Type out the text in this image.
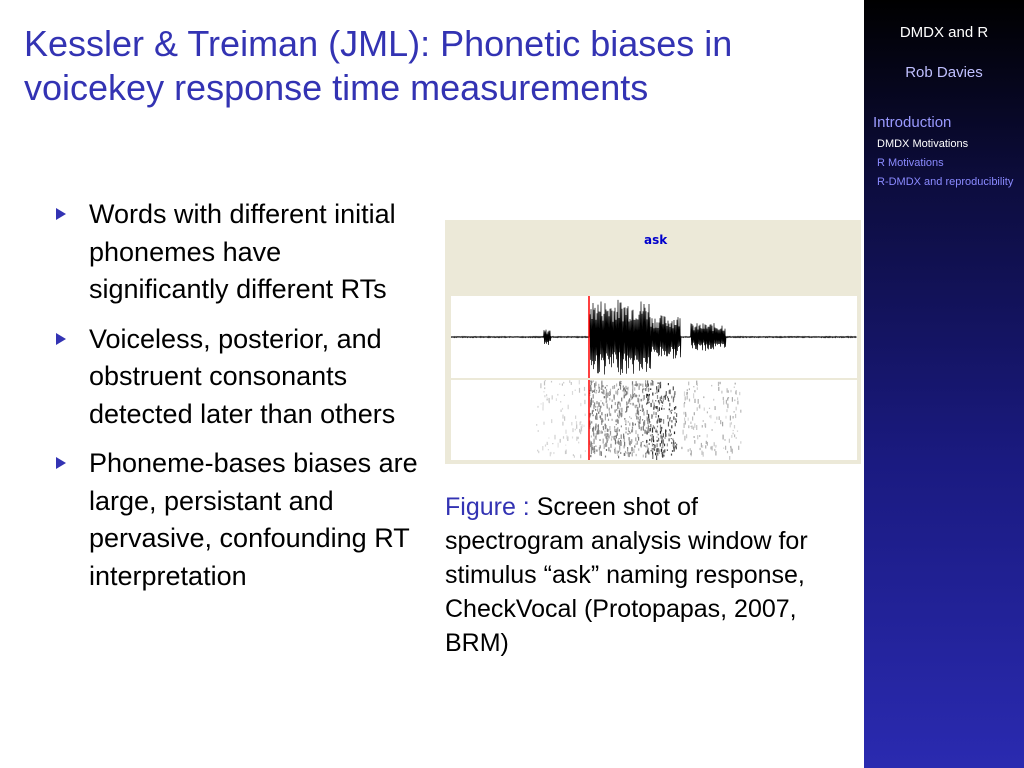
Kessler & Treiman (JML): Phonetic biases in voicekey response time measurements
Words with different initial phonemes have significantly different RTs
Voiceless, posterior, and obstruent consonants detected later than others
Phoneme-bases biases are large, persistant and pervasive, confounding RT interpretation
ask
Figure : Screen shot of spectrogram analysis window for stimulus “ask” naming response, CheckVocal (Protopapas, 2007, BRM)
DMDX and R
Rob Davies
Introduction
DMDX Motivations
R Motivations
R-DMDX and reproducibility
